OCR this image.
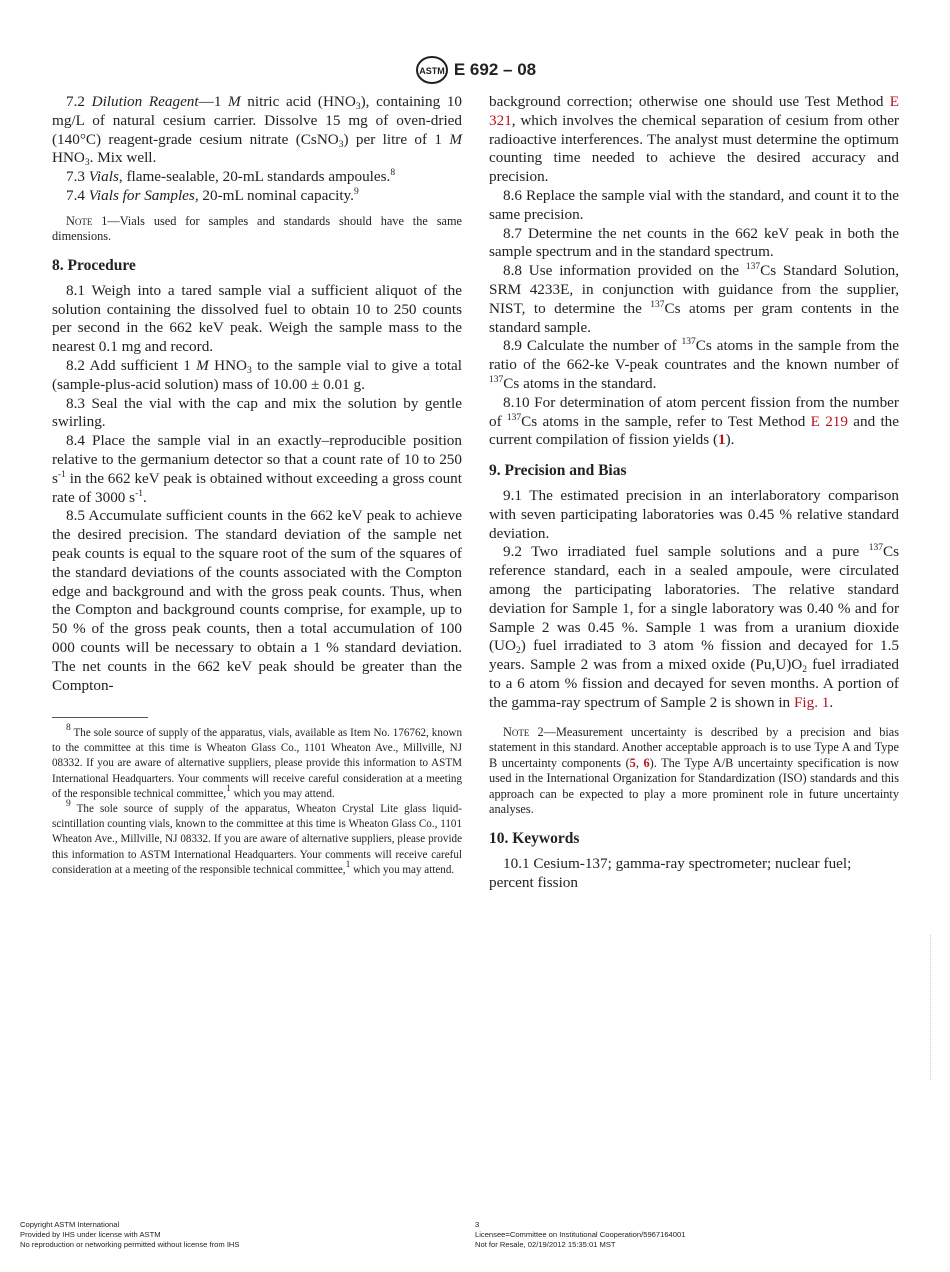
ASTM E 692 – 08

7.2 Dilution Reagent—1 M nitric acid $(HNO_3)$, containing 10 mg/L of natural cesium carrier. Dissolve 15 mg of oven-dried (140°C) reagent-grade cesium nitrate (CsNO$_3$) per litre of 1 M $HNO_3$. Mix well.

7.3 Vials, flame-sealable, 20-mL standards ampoules.$^8$

7.4 Vials for Samples, 20-mL nominal capacity.$^9$

Note 1—Vials used for samples and standards should have the same dimensions.

8. Procedure

8.1 Weigh into a tared sample vial a sufficient aliquot of the solution containing the dissolved fuel to obtain 10 to 250 counts per second in the 662 keV peak. Weigh the sample mass to the nearest 0.1 mg and record.

8.2 Add sufficient 1 M $HNO_3$ to the sample vial to give a total (sample-plus-acid solution) mass of 10.00 ± 0.01 g.

8.3 Seal the vial with the cap and mix the solution by gentle swirling.

8.4 Place the sample vial in an exactly–reproducible position relative to the germanium detector so that a count rate of 10 to 250 $s^{-1}$ in the 662 keV peak is obtained without exceeding a gross count rate of 3000 $s^{-1}$.

8.5 Accumulate sufficient counts in the 662 keV peak to achieve the desired precision. The standard deviation of the sample net peak counts is equal to the square root of the sum of the squares of the standard deviations of the counts associated with the Compton edge and background and with the gross peak counts. Thus, when the Compton and background counts comprise, for example, up to 50 % of the gross peak counts, then a total accumulation of 100 000 counts will be necessary to obtain a 1 % standard deviation. The net counts in the 662 keV peak should be greater than the Compton-

$^8$ The sole source of supply of the apparatus, vials, available as Item No. 176762, known to the committee at this time is Wheaton Glass Co., 1101 Wheaton Ave., Millville, NJ 08332. If you are aware of alternative suppliers, please provide this information to ASTM International Headquarters. Your comments will receive careful consideration at a meeting of the responsible technical committee,$^1$ which you may attend.

$^9$ The sole source of supply of the apparatus, Wheaton Crystal Lite glass liquid-scintillation counting vials, known to the committee at this time is Wheaton Glass Co., 1101 Wheaton Ave., Millville, NJ 08332. If you are aware of alternative suppliers, please provide this information to ASTM International Headquarters. Your comments will receive careful consideration at a meeting of the responsible technical committee,$^1$ which you may attend.

background correction; otherwise one should use Test Method E 321, which involves the chemical separation of cesium from other radioactive interferences. The analyst must determine the optimum counting time needed to achieve the desired accuracy and precision.

8.6 Replace the sample vial with the standard, and count it to the same precision.

8.7 Determine the net counts in the 662 keV peak in both the sample spectrum and in the standard spectrum.

8.8 Use information provided on the $^{137}$Cs Standard Solution, SRM 4233E, in conjunction with guidance from the supplier, NIST, to determine the $^{137}$Cs atoms per gram contents in the standard sample.

8.9 Calculate the number of $^{137}$Cs atoms in the sample from the ratio of the 662-ke V-peak countrates and the known number of $^{137}$Cs atoms in the standard.

8.10 For determination of atom percent fission from the number of $^{137}$Cs atoms in the sample, refer to Test Method E 219 and the current compilation of fission yields (1).

9. Precision and Bias

9.1 The estimated precision in an interlaboratory comparison with seven participating laboratories was 0.45 % relative standard deviation.

9.2 Two irradiated fuel sample solutions and a pure $^{137}$Cs reference standard, each in a sealed ampoule, were circulated among the participating laboratories. The relative standard deviation for Sample 1, for a single laboratory was 0.40 % and for Sample 2 was 0.45 %. Sample 1 was from a uranium dioxide $(UO_2)$ fuel irradiated to 3 atom % fission and decayed for 1.5 years. Sample 2 was from a mixed oxide $(Pu,U)O_2$ fuel irradiated to a 6 atom % fission and decayed for seven months. A portion of the gamma-ray spectrum of Sample 2 is shown in Fig. 1.

Note 2—Measurement uncertainty is described by a precision and bias statement in this standard. Another acceptable approach is to use Type A and Type B uncertainty components (5, 6). The Type A/B uncertainty specification is now used in the International Organization for Standardization (ISO) standards and this approach can be expected to play a more prominent role in future uncertainty analyses.

10. Keywords

10.1 Cesium-137; gamma-ray spectrometer; nuclear fuel; percent fission

Copyright ASTM International
Provided by IHS under license with ASTM
No reproduction or networking permitted without license from IHS
3
Licensee=Committee on Institutional Cooperation/5967164001
Not for Resale, 02/19/2012 15:35:01 MST
